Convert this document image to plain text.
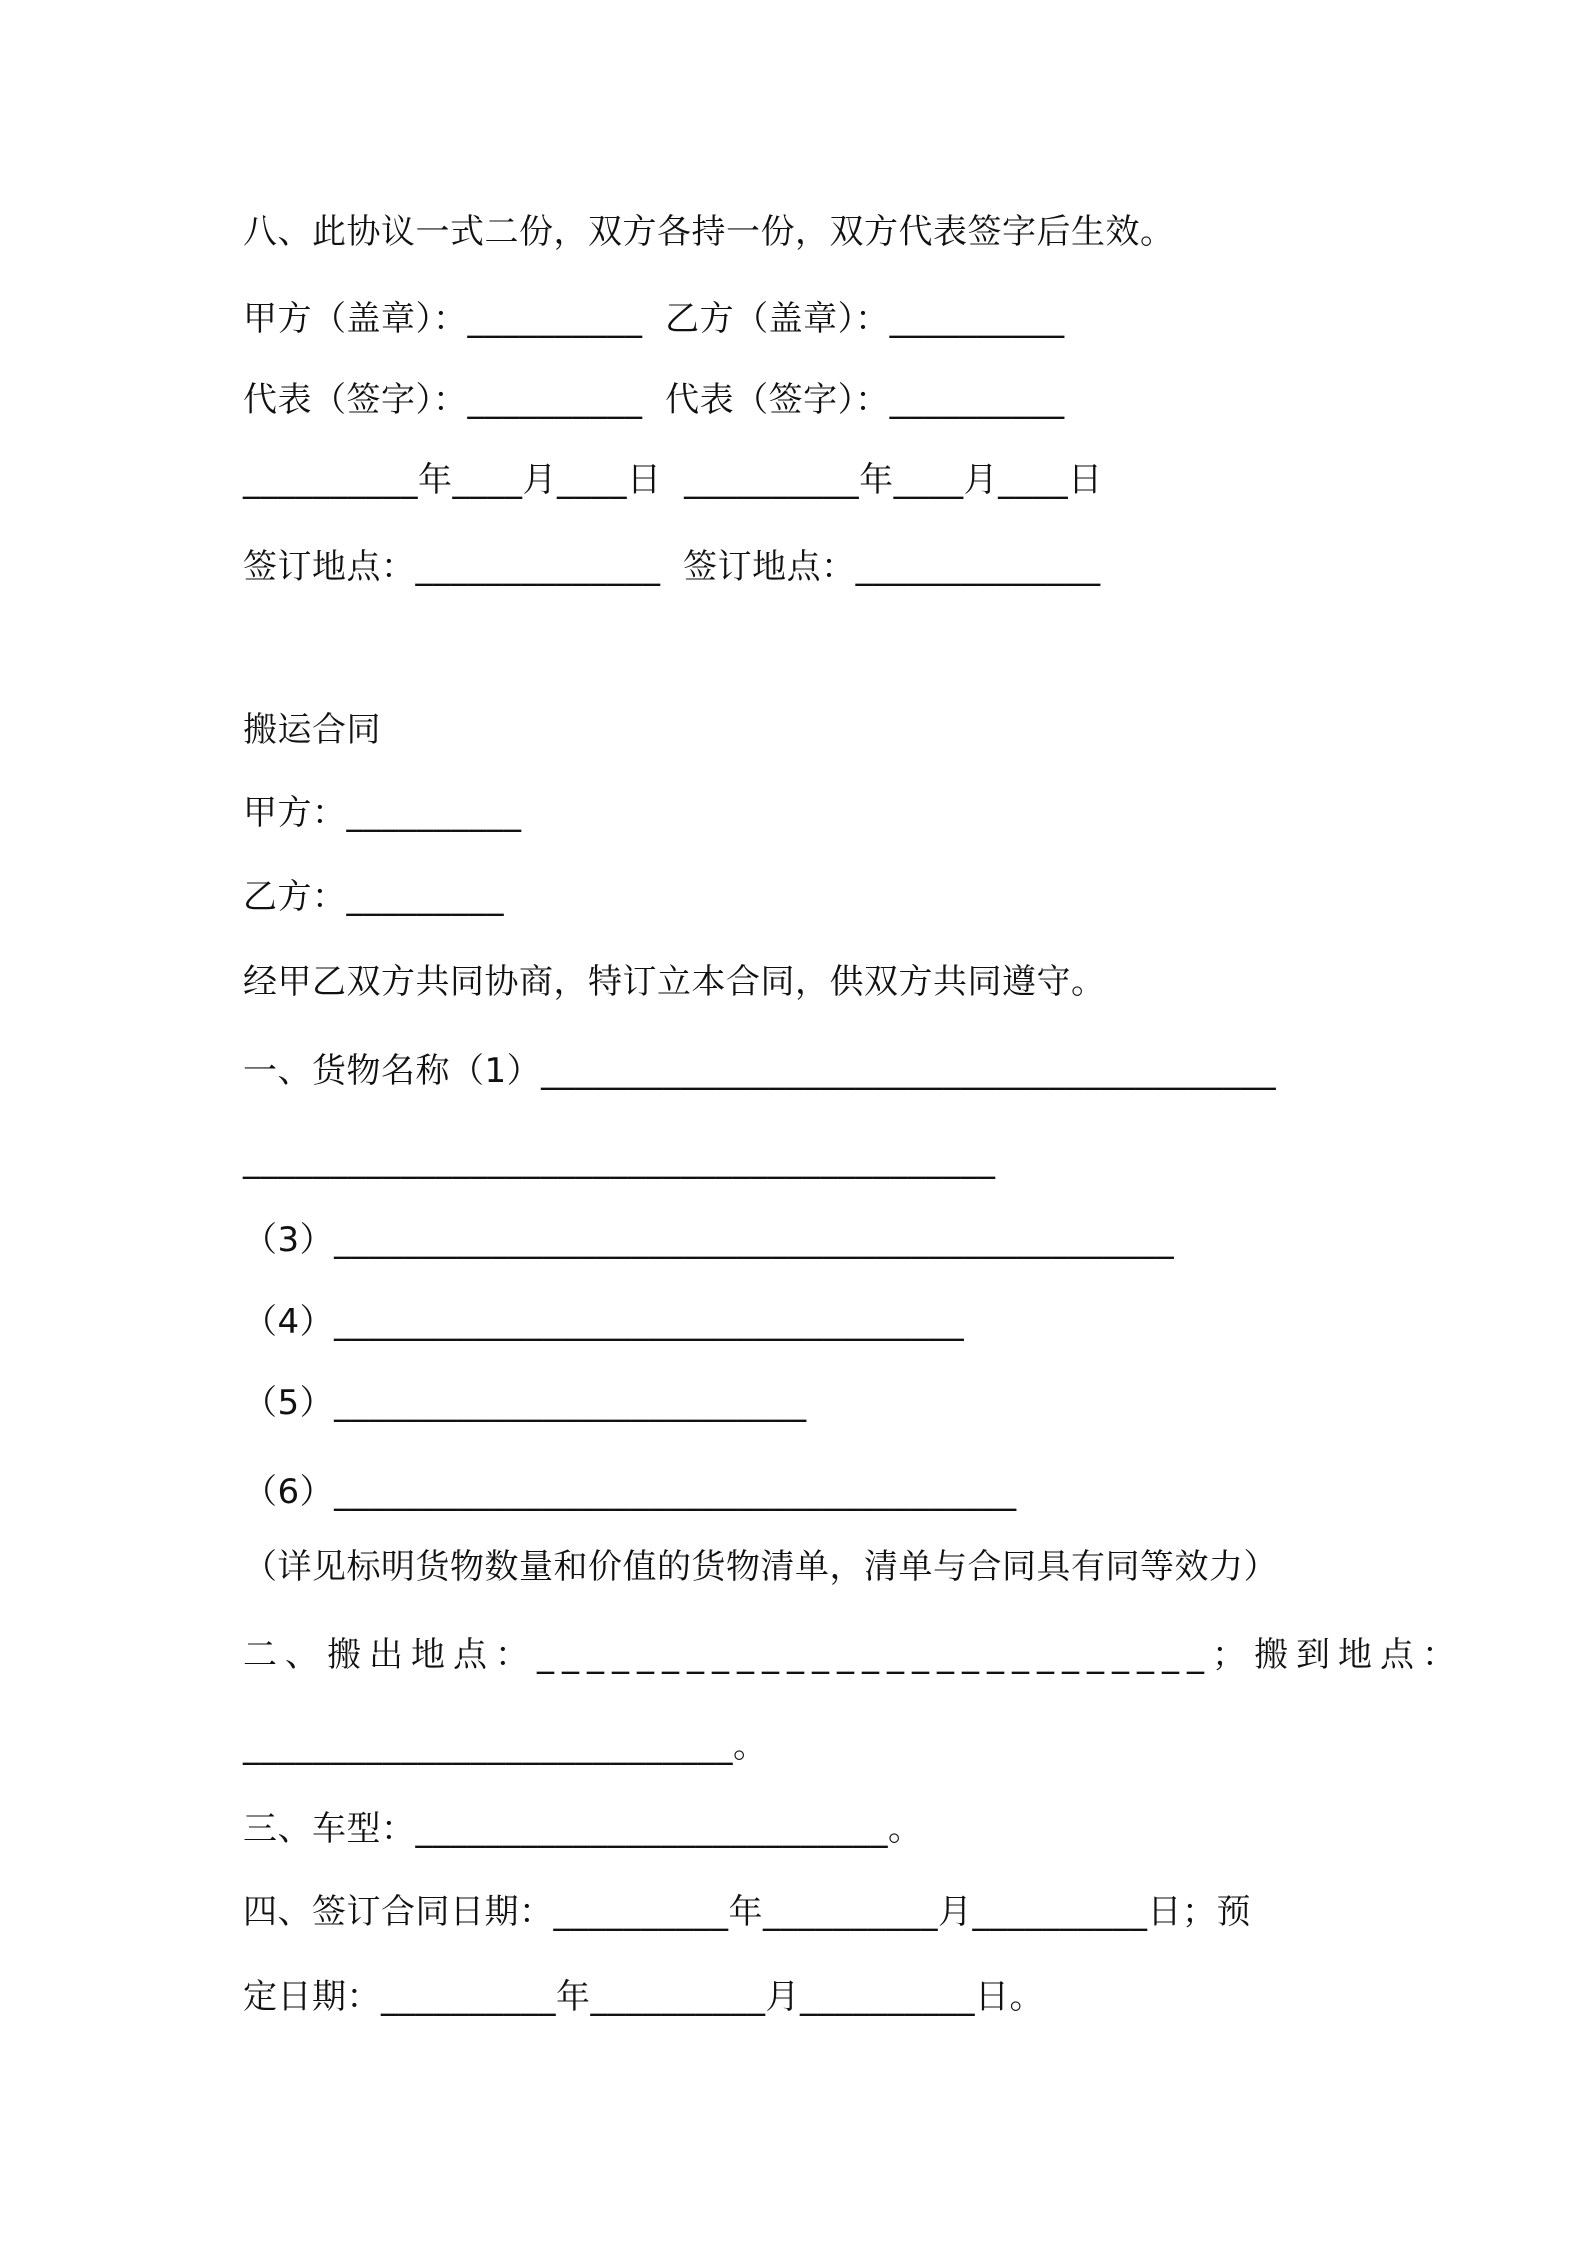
八、此协议一式二份，双方各持一份，双方代表签字后生效。
甲方（盖章）：__________  乙方（盖章）：__________
代表（签字）：__________  代表（签字）：__________
__________年____月____日  __________年____月____日
签订地点：______________  签订地点：______________
搬运合同
甲方：__________
乙方：_________
经甲乙双方共同协商，特订立本合同，供双方共同遵守。
一、货物名称（1）__________________________________________
___________________________________________
（3）________________________________________________
（4）____________________________________
（5）___________________________
（6）_______________________________________
（详见标明货物数量和价值的货物清单，清单与合同具有同等效力）
二、搬出地点：___________________________；搬到地点：
____________________________。
三、车型：___________________________。
四、签订合同日期：__________年__________月__________日；预
定日期：__________年__________月__________日。
